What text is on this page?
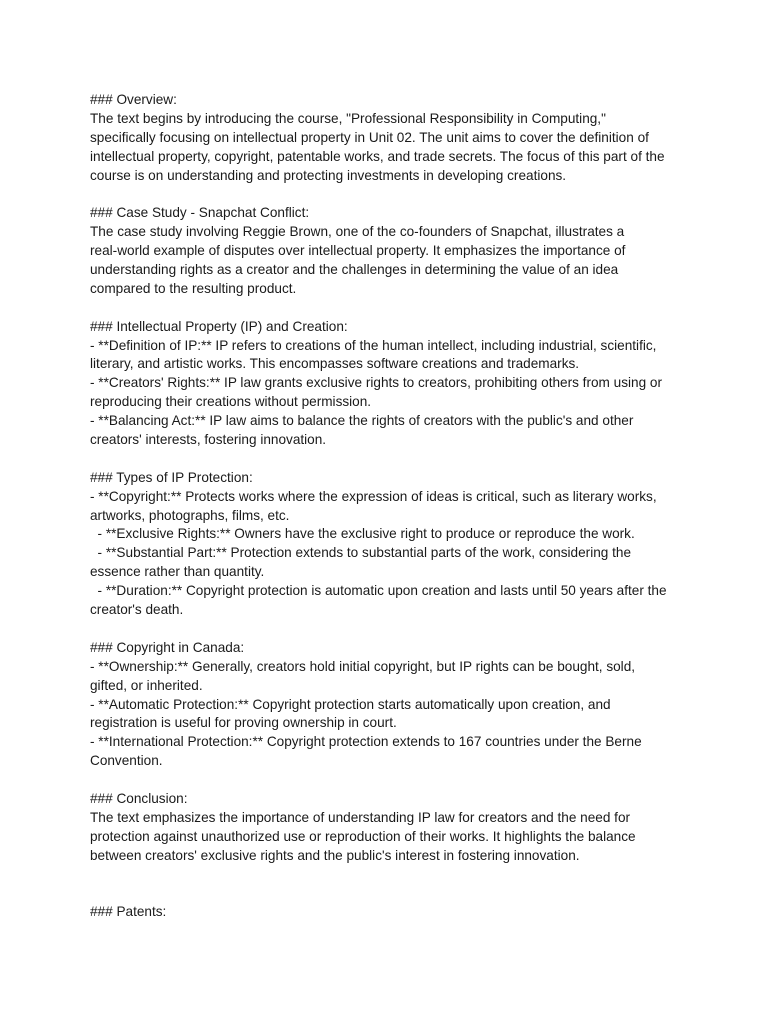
### Overview:
The text begins by introducing the course, "Professional Responsibility in Computing,"
specifically focusing on intellectual property in Unit 02. The unit aims to cover the definition of
intellectual property, copyright, patentable works, and trade secrets. The focus of this part of the
course is on understanding and protecting investments in developing creations.
### Case Study - Snapchat Conflict:
The case study involving Reggie Brown, one of the co-founders of Snapchat, illustrates a
real-world example of disputes over intellectual property. It emphasizes the importance of
understanding rights as a creator and the challenges in determining the value of an idea
compared to the resulting product.
### Intellectual Property (IP) and Creation:
- **Definition of IP:** IP refers to creations of the human intellect, including industrial, scientific,
literary, and artistic works. This encompasses software creations and trademarks.
- **Creators' Rights:** IP law grants exclusive rights to creators, prohibiting others from using or
reproducing their creations without permission.
- **Balancing Act:** IP law aims to balance the rights of creators with the public's and other
creators' interests, fostering innovation.
### Types of IP Protection:
- **Copyright:** Protects works where the expression of ideas is critical, such as literary works,
artworks, photographs, films, etc.
- **Exclusive Rights:** Owners have the exclusive right to produce or reproduce the work.
- **Substantial Part:** Protection extends to substantial parts of the work, considering the
essence rather than quantity.
- **Duration:** Copyright protection is automatic upon creation and lasts until 50 years after the
creator's death.
### Copyright in Canada:
- **Ownership:** Generally, creators hold initial copyright, but IP rights can be bought, sold,
gifted, or inherited.
- **Automatic Protection:** Copyright protection starts automatically upon creation, and
registration is useful for proving ownership in court.
- **International Protection:** Copyright protection extends to 167 countries under the Berne
Convention.
### Conclusion:
The text emphasizes the importance of understanding IP law for creators and the need for
protection against unauthorized use or reproduction of their works. It highlights the balance
between creators' exclusive rights and the public's interest in fostering innovation.
### Patents:
